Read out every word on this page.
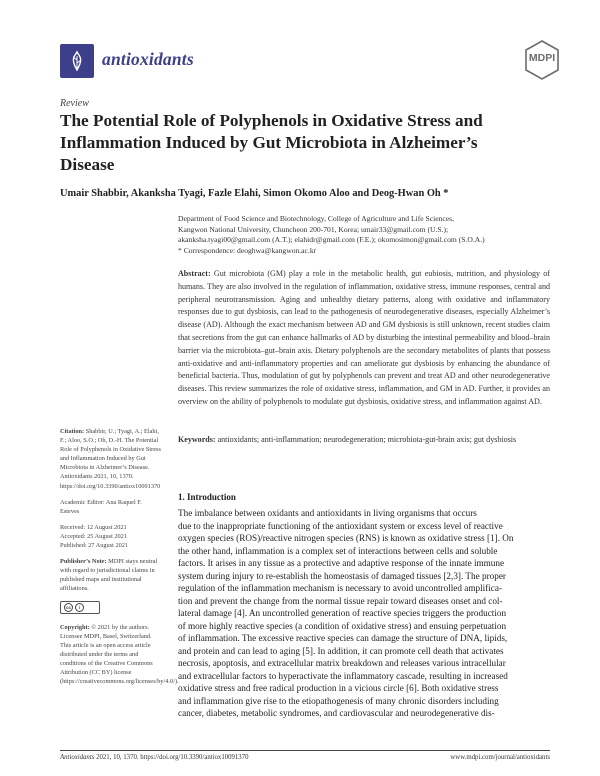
antioxidants	MDPI
Review
The Potential Role of Polyphenols in Oxidative Stress and Inflammation Induced by Gut Microbiota in Alzheimer’s Disease
Umair Shabbir, Akanksha Tyagi, Fazle Elahi, Simon Okomo Aloo and Deog-Hwan Oh *
Department of Food Science and Biotechnology, College of Agriculture and Life Sciences,
Kangwon National University, Chuncheon 200-701, Korea; umair33@gmail.com (U.S.);
akanksha.tyagi00@gmail.com (A.T.); elahidr@gmail.com (F.E.); okomosimon@gmail.com (S.O.A.)
* Correspondence: deoghwa@kangwon.ac.kr
Abstract: Gut microbiota (GM) play a role in the metabolic health, gut eubiosis, nutrition, and physiology of humans. They are also involved in the regulation of inflammation, oxidative stress, immune responses, central and peripheral neurotransmission. Aging and unhealthy dietary patterns, along with oxidative and inflammatory responses due to gut dysbiosis, can lead to the pathogenesis of neurodegenerative diseases, especially Alzheimer’s disease (AD). Although the exact mechanism between AD and GM dysbiosis is still unknown, recent studies claim that secretions from the gut can enhance hallmarks of AD by disturbing the intestinal permeability and blood–brain barrier via the microbiota–gut–brain axis. Dietary polyphenols are the secondary metabolites of plants that possess anti-oxidative and anti-inflammatory properties and can ameliorate gut dysbiosis by enhancing the abundance of beneficial bacteria. Thus, modulation of gut by polyphenols can prevent and treat AD and other neurodegenerative diseases. This review summarizes the role of oxidative stress, inflammation, and GM in AD. Further, it provides an overview on the ability of polyphenols to modulate gut dysbiosis, oxidative stress, and inflammation against AD.
Keywords: antioxidants; anti-inflammation; neurodegeneration; microbiota-gut-brain axis; gut dysbiosis
Citation: Shabbir, U.; Tyagi, A.; Elahi, F.; Aloo, S.O.; Oh, D.-H. The Potential Role of Polyphenols in Oxidative Stress and Inflammation Induced by Gut Microbiota in Alzheimer’s Disease. Antioxidants 2021, 10, 1370. https://doi.org/10.3390/antiox10091370
Academic Editor: Ana Raquel F. Esteves
Received: 12 August 2021
Accepted: 25 August 2021
Published: 27 August 2021
Publisher’s Note: MDPI stays neutral with regard to jurisdictional claims in published maps and institutional affiliations.
cc	i
Copyright: © 2021 by the authors. Licensee MDPI, Basel, Switzerland. This article is an open access article distributed under the terms and conditions of the Creative Commons Attribution (CC BY) license (https://creativecommons.org/licenses/by/4.0/).
1. Introduction
The imbalance between oxidants and antioxidants in living organisms that occurs
due to the inappropriate functioning of the antioxidant system or excess level of reactive
oxygen species (ROS)/reactive nitrogen species (RNS) is known as oxidative stress [1]. On
the other hand, inflammation is a complex set of interactions between cells and soluble
factors. It arises in any tissue as a protective and adaptive response of the innate immune
system during injury to re-establish the homeostasis of damaged tissues [2,3]. The proper
regulation of the inflammation mechanism is necessary to avoid uncontrolled amplifica-
tion and prevent the change from the normal tissue repair toward diseases onset and col-
lateral damage [4]. An uncontrolled generation of reactive species triggers the production
of more highly reactive species (a condition of oxidative stress) and ensuing perpetuation
of inflammation. The excessive reactive species can damage the structure of DNA, lipids,
and protein and can lead to aging [5]. In addition, it can promote cell death that activates
necrosis, apoptosis, and extracellular matrix breakdown and releases various intracellular
and extracellular factors to hyperactivate the inflammatory cascade, resulting in increased
oxidative stress and free radical production in a vicious circle [6]. Both oxidative stress
and inflammation give rise to the etiopathogenesis of many chronic disorders including
cancer, diabetes, metabolic syndromes, and cardiovascular and neurodegenerative dis-
Antioxidants 2021, 10, 1370. https://doi.org/10.3390/antiox10091370	www.mdpi.com/journal/antioxidants
